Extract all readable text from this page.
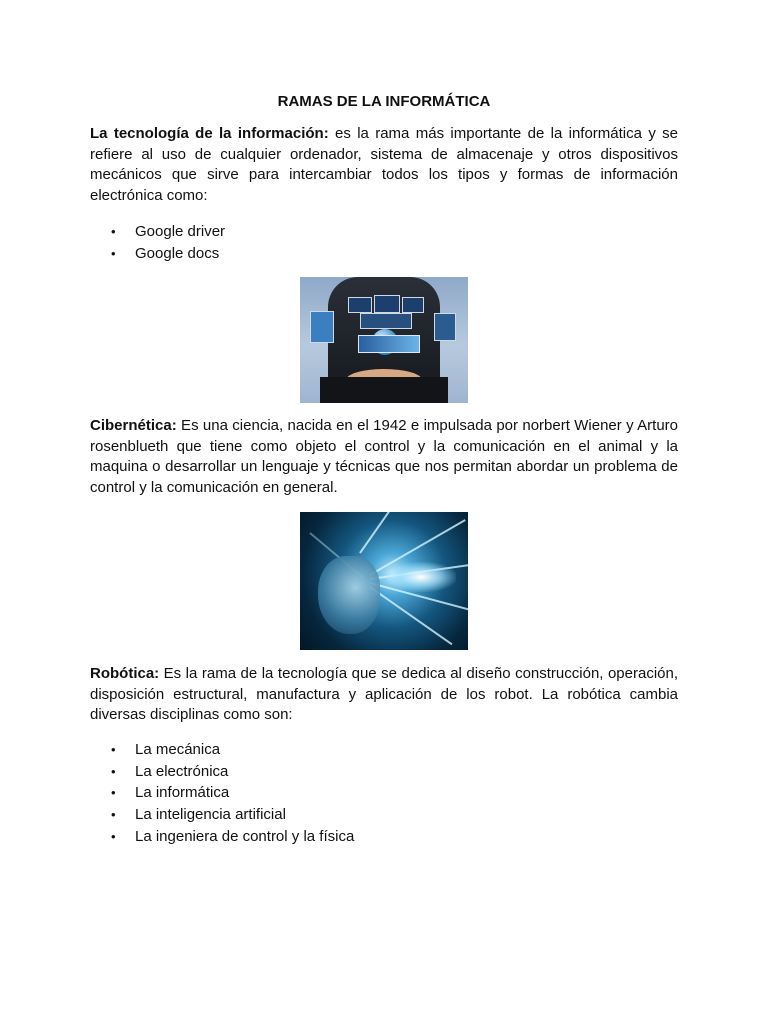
RAMAS DE LA INFORMÁTICA
La tecnología de la información: es la rama más importante de la informática y se refiere al uso de cualquier ordenador, sistema de almacenaje y otros dispositivos mecánicos que sirve para intercambiar todos los tipos y formas de información electrónica como:
• Google driver
• Google docs
Cibernética: Es una ciencia, nacida en el 1942 e impulsada por norbert Wiener y Arturo rosenblueth que tiene como objeto el control y la comunicación en el animal y la maquina o desarrollar un lenguaje y técnicas que nos permitan abordar un problema de control y la comunicación en general.
Robótica: Es la rama de la tecnología que se dedica al diseño construcción, operación, disposición estructural, manufactura y aplicación de los robot. La robótica cambia diversas disciplinas como son:
• La mecánica
• La electrónica
• La informática
• La inteligencia artificial
• La ingeniera de control y la física
